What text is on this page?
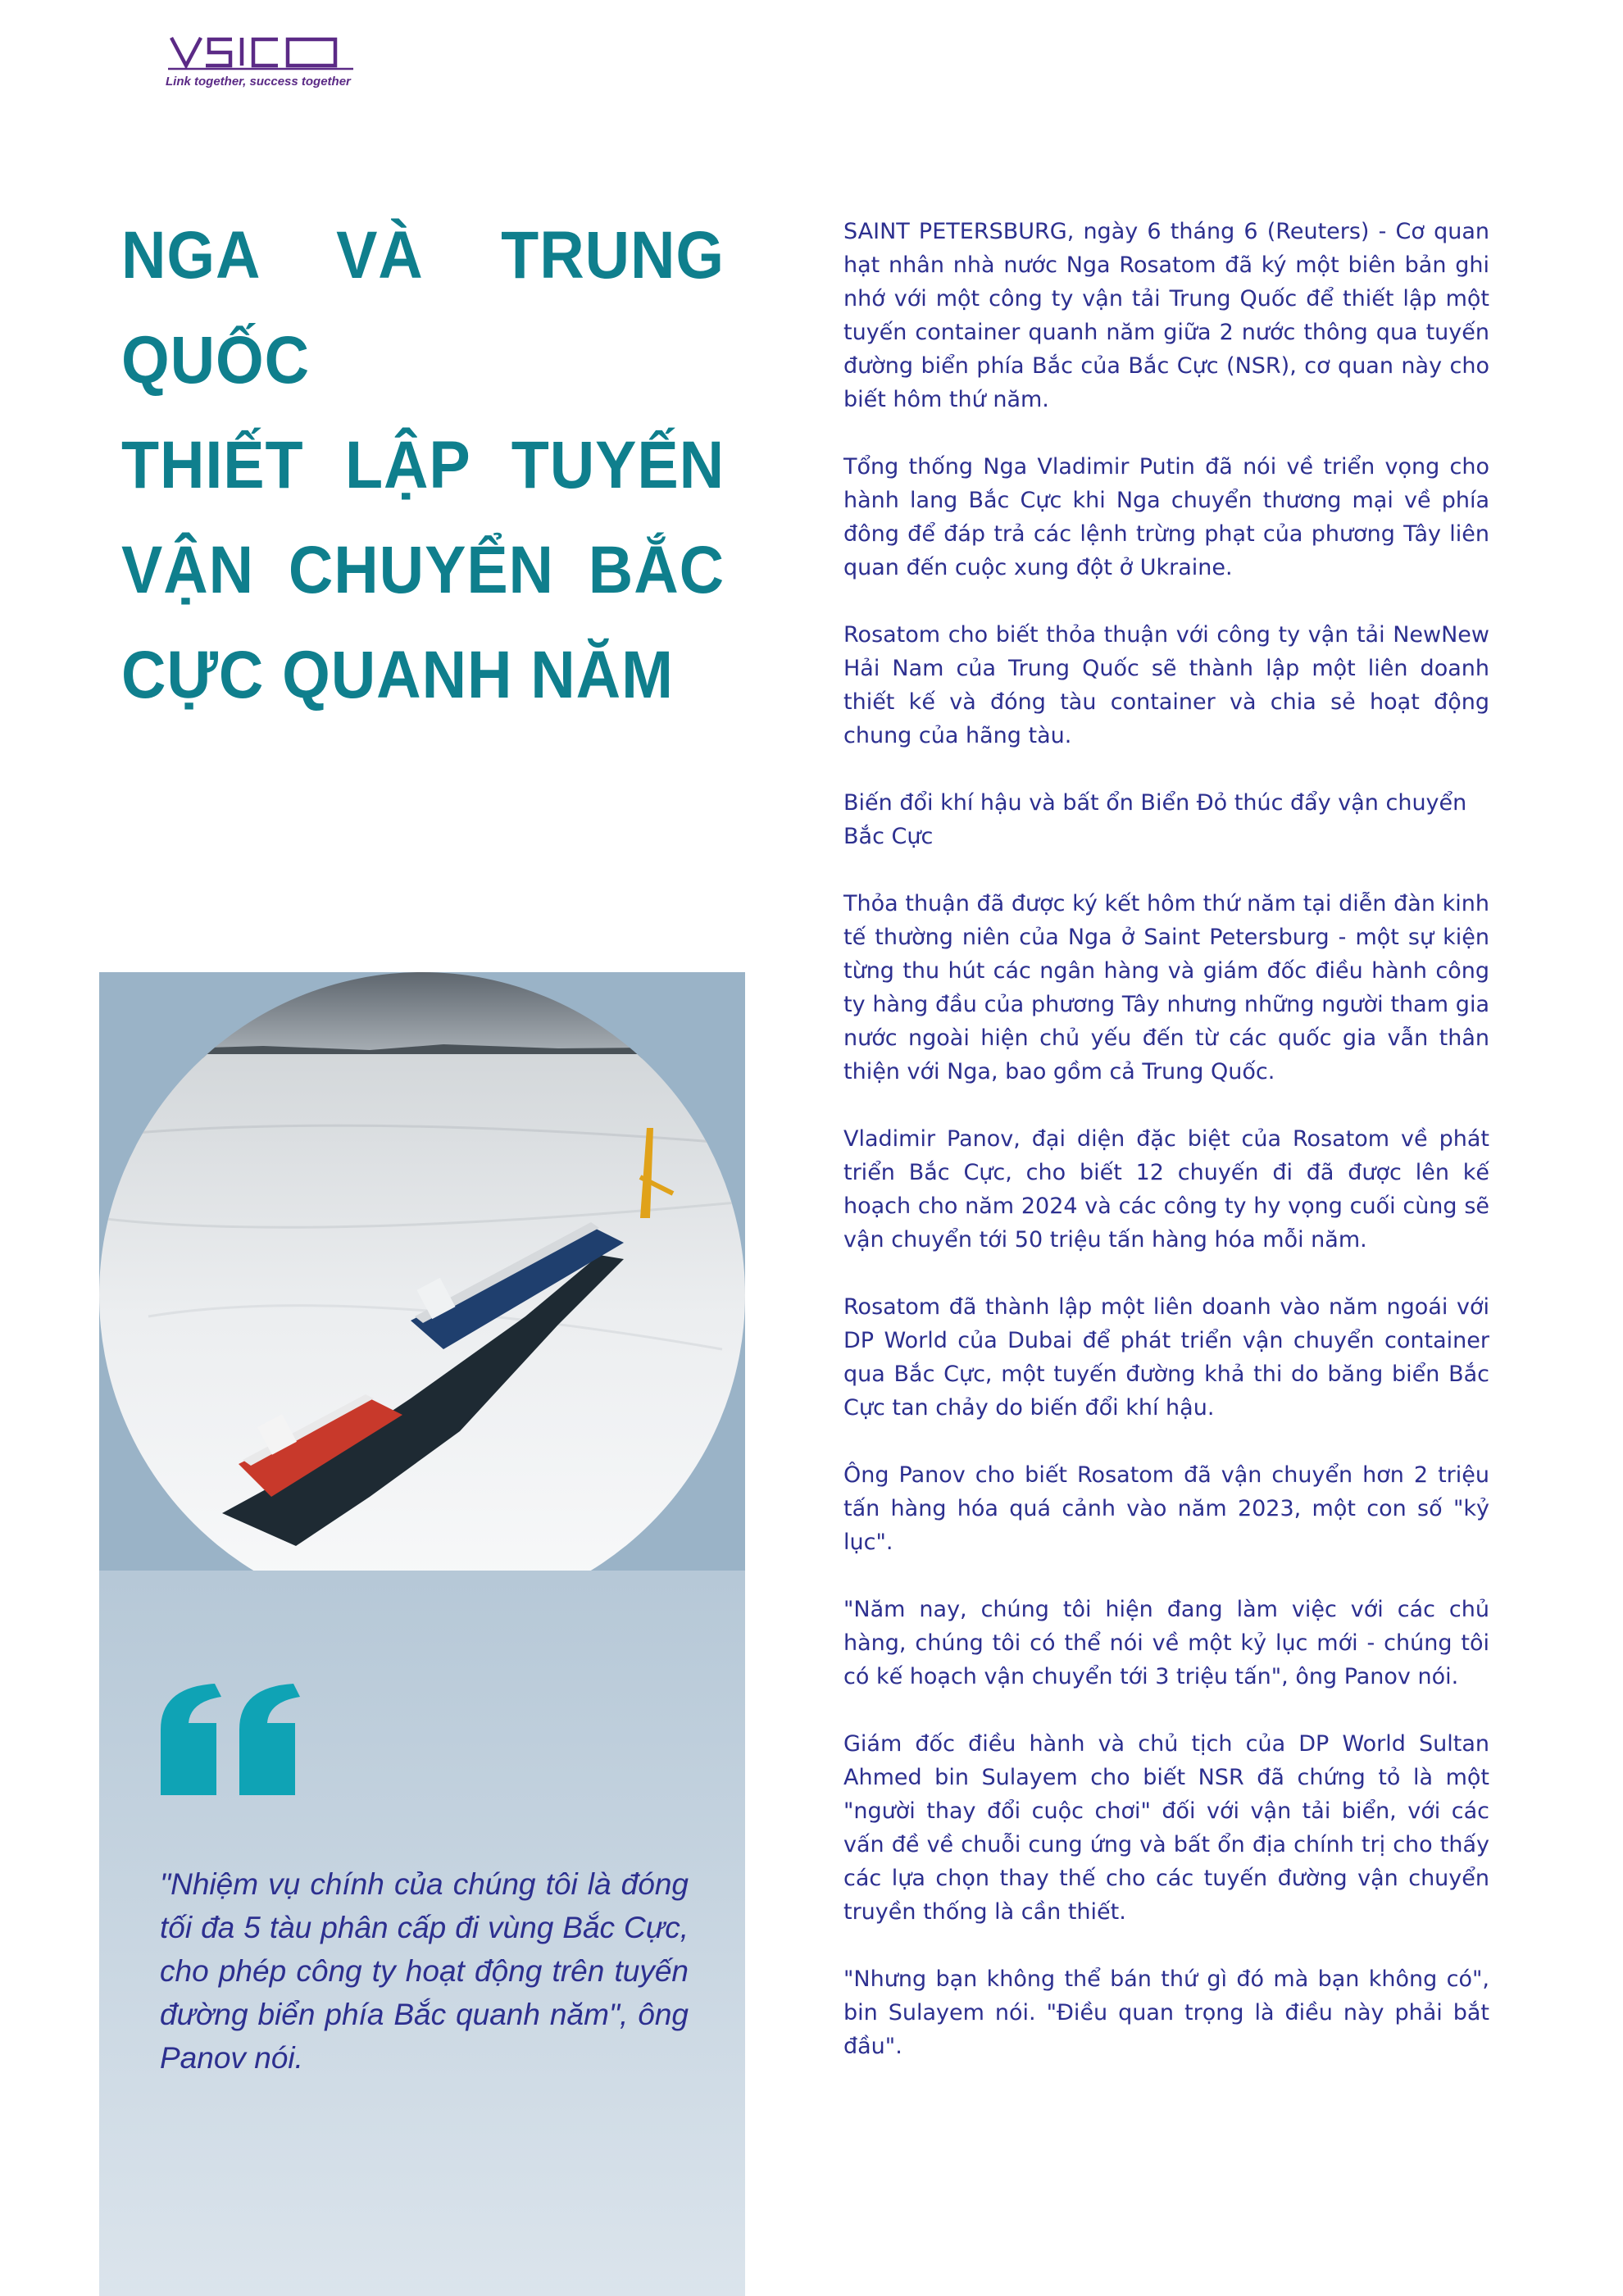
Link together, success together
NGA VÀ TRUNG QUỐC
THIẾT LẬP TUYẾN
VẬN CHUYỂN BẮC
CỰC QUANH NĂM

"Nhiệm vụ chính của chúng tôi là đóng tối đa 5 tàu phân cấp đi vùng Bắc Cực, cho phép công ty hoạt động trên tuyến đường biển phía Bắc quanh năm", ông Panov nói.

SAINT PETERSBURG, ngày 6 tháng 6 (Reuters) - Cơ quan hạt nhân nhà nước Nga Rosatom đã ký một biên bản ghi nhớ với một công ty vận tải Trung Quốc để thiết lập một tuyến container quanh năm giữa 2 nước thông qua tuyến đường biển phía Bắc của Bắc Cực (NSR), cơ quan này cho biết hôm thứ năm.

Tổng thống Nga Vladimir Putin đã nói về triển vọng cho hành lang Bắc Cực khi Nga chuyển thương mại về phía đông để đáp trả các lệnh trừng phạt của phương Tây liên quan đến cuộc xung đột ở Ukraine.

Rosatom cho biết thỏa thuận với công ty vận tải NewNew Hải Nam của Trung Quốc sẽ thành lập một liên doanh thiết kế và đóng tàu container và chia sẻ hoạt động chung của hãng tàu.

Biến đổi khí hậu và bất ổn Biển Đỏ thúc đẩy vận chuyển Bắc Cực

Thỏa thuận đã được ký kết hôm thứ năm tại diễn đàn kinh tế thường niên của Nga ở Saint Petersburg - một sự kiện từng thu hút các ngân hàng và giám đốc điều hành công ty hàng đầu của phương Tây nhưng những người tham gia nước ngoài hiện chủ yếu đến từ các quốc gia vẫn thân thiện với Nga, bao gồm cả Trung Quốc.

Vladimir Panov, đại diện đặc biệt của Rosatom về phát triển Bắc Cực, cho biết 12 chuyến đi đã được lên kế hoạch cho năm 2024 và các công ty hy vọng cuối cùng sẽ vận chuyển tới 50 triệu tấn hàng hóa mỗi năm.

Rosatom đã thành lập một liên doanh vào năm ngoái với DP World của Dubai để phát triển vận chuyển container qua Bắc Cực, một tuyến đường khả thi do băng biển Bắc Cực tan chảy do biến đổi khí hậu.

Ông Panov cho biết Rosatom đã vận chuyển hơn 2 triệu tấn hàng hóa quá cảnh vào năm 2023, một con số "kỷ lục".

"Năm nay, chúng tôi hiện đang làm việc với các chủ hàng, chúng tôi có thể nói về một kỷ lục mới - chúng tôi có kế hoạch vận chuyển tới 3 triệu tấn", ông Panov nói.

Giám đốc điều hành và chủ tịch của DP World Sultan Ahmed bin Sulayem cho biết NSR đã chứng tỏ là một "người thay đổi cuộc chơi" đối với vận tải biển, với các vấn đề về chuỗi cung ứng và bất ổn địa chính trị cho thấy các lựa chọn thay thế cho các tuyến đường vận chuyển truyền thống là cần thiết.

"Nhưng bạn không thể bán thứ gì đó mà bạn không có", bin Sulayem nói. "Điều quan trọng là điều này phải bắt đầu".
